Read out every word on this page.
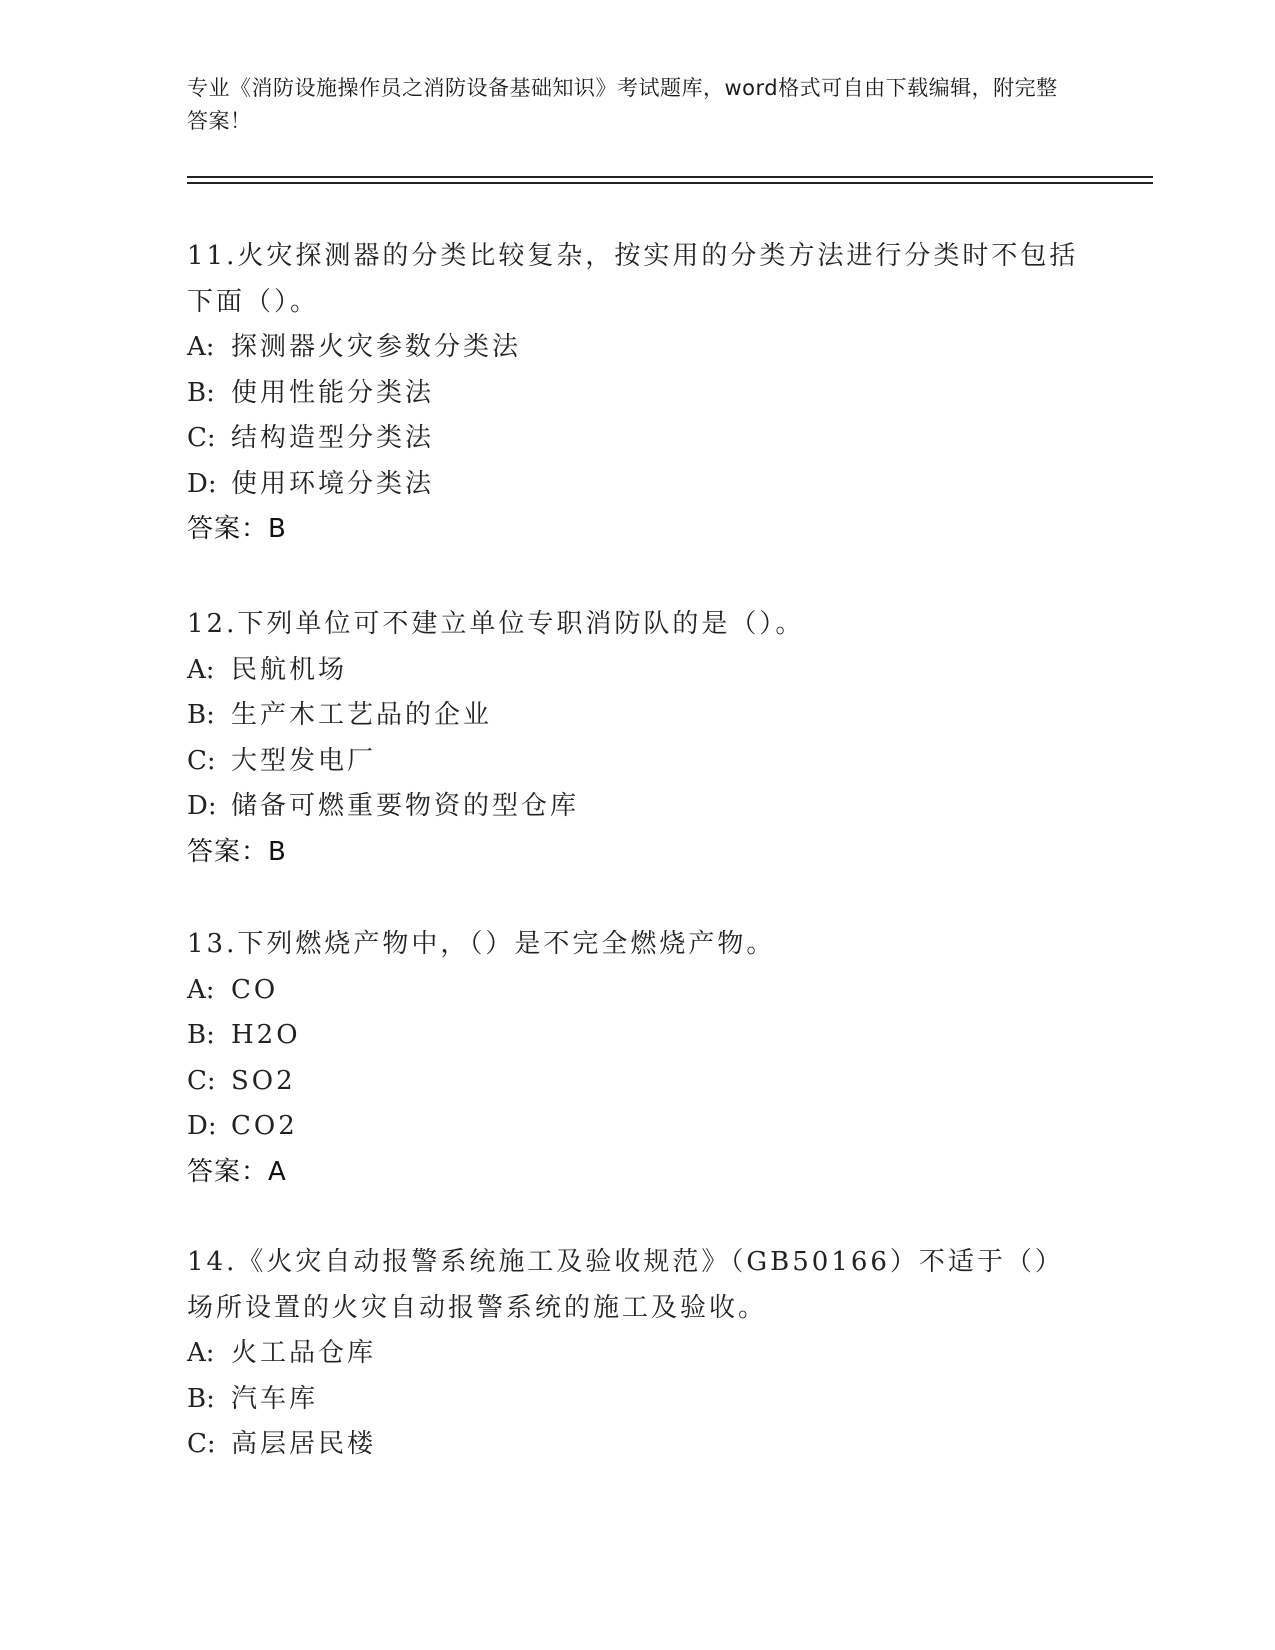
专业《消防设施操作员之消防设备基础知识》考试题库，word格式可自由下载编辑，附完整答案！
11.火灾探测器的分类比较复杂，按实用的分类方法进行分类时不包括下面（）。
A: 探测器火灾参数分类法
B: 使用性能分类法
C: 结构造型分类法
D: 使用环境分类法
答案：B
12.下列单位可不建立单位专职消防队的是（）。
A: 民航机场
B: 生产木工艺品的企业
C: 大型发电厂
D: 储备可燃重要物资的型仓库
答案：B
13.下列燃烧产物中，（）是不完全燃烧产物。
A: CO
B: H2O
C: SO2
D: CO2
答案：A
14.《火灾自动报警系统施工及验收规范》（GB50166）不适于（）场所设置的火灾自动报警系统的施工及验收。
A: 火工品仓库
B: 汽车库
C: 高层居民楼
